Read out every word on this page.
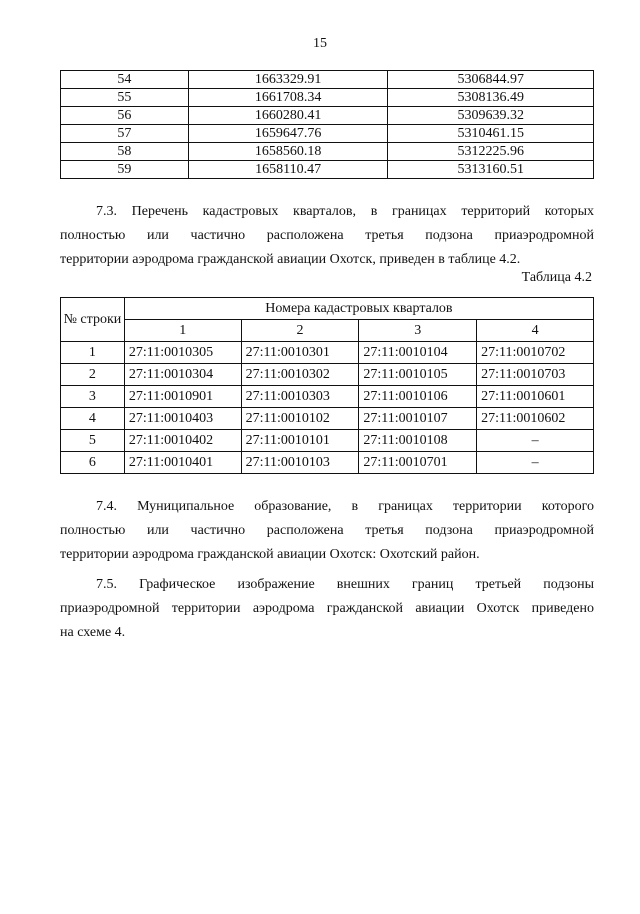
15
54	1663329.91	5306844.97
55	1661708.34	5308136.49
56	1660280.41	5309639.32
57	1659647.76	5310461.15
58	1658560.18	5312225.96
59	1658110.47	5313160.51
7.3. Перечень кадастровых кварталов, в границах территорий которых
полностью или частично расположена третья подзона приаэродромной
территории аэродрома гражданской авиации Охотск, приведен в таблице 4.2.
Таблица 4.2
№ строки	Номера кадастровых кварталов			
	1	2	3	4
1	27:11:0010305	27:11:0010301	27:11:0010104	27:11:0010702
2	27:11:0010304	27:11:0010302	27:11:0010105	27:11:0010703
3	27:11:0010901	27:11:0010303	27:11:0010106	27:11:0010601
4	27:11:0010403	27:11:0010102	27:11:0010107	27:11:0010602
5	27:11:0010402	27:11:0010101	27:11:0010108	–
6	27:11:0010401	27:11:0010103	27:11:0010701	–
7.4. Муниципальное образование, в границах территории которого
полностью или частично расположена третья подзона приаэродромной
территории аэродрома гражданской авиации Охотск: Охотский район.
7.5. Графическое изображение внешних границ третьей подзоны
приаэродромной территории аэродрома гражданской авиации Охотск приведено
на схеме 4.
